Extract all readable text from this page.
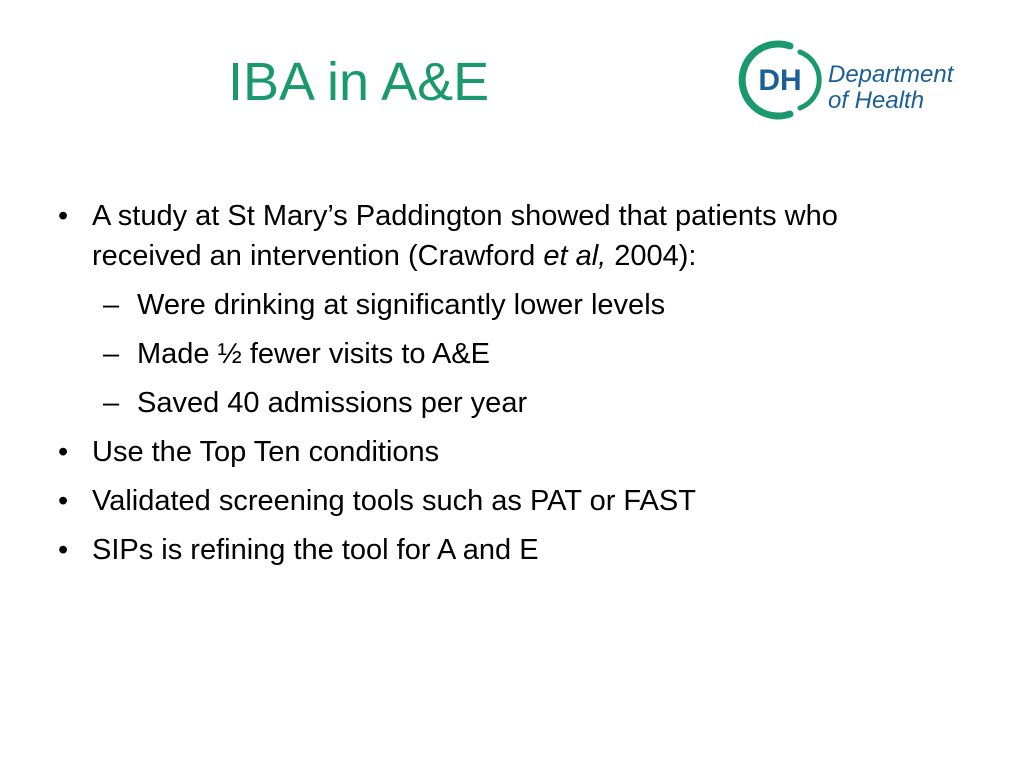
IBA in A&E	DH Department
of Health
• A study at St Mary’s Paddington showed that patients who received an intervention (Crawford et al, 2004):
– Were drinking at significantly lower levels
– Made ½ fewer visits to A&E
– Saved 40 admissions per year
• Use the Top Ten conditions
• Validated screening tools such as PAT or FAST
• SIPs is refining the tool for A and E
